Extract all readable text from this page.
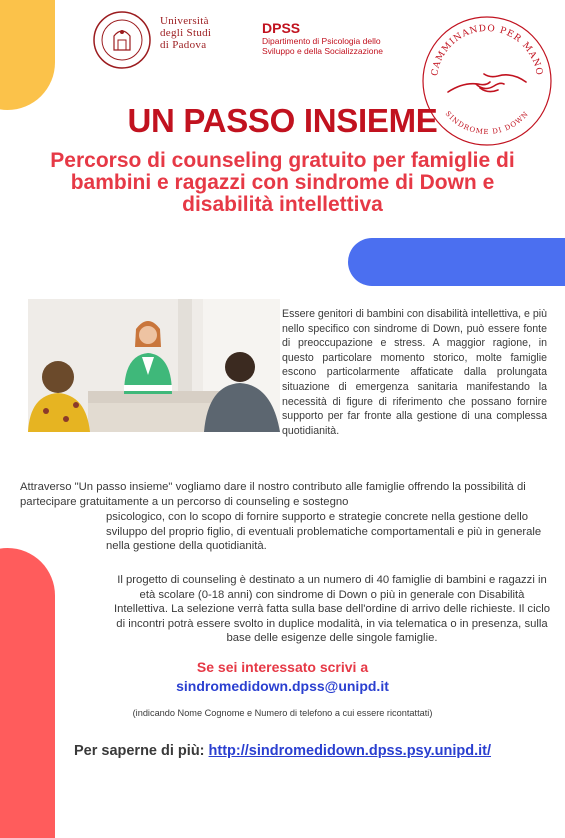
Università
degli Studi
di Padova
DPSS
Dipartimento di Psicologia dello
Sviluppo e della Socializzazione
CAMMINANDO PER MANO
SINDROME DI DOWN
UN PASSO INSIEME
Percorso di counseling gratuito per famiglie di bambini e ragazzi con sindrome di Down e disabilità intellettiva
Essere genitori di bambini con disabilità intellettiva, e più nello specifico con sindrome di Down, può essere fonte di preoccupazione e stress. A maggior ragione, in questo particolare momento storico, molte famiglie escono particolarmente affaticate dalla prolungata situazione di emergenza sanitaria manifestando la necessità di figure di riferimento che possano fornire supporto per far fronte alla gestione di una complessa quotidianità.
Attraverso "Un passo insieme" vogliamo dare il nostro contributo alle famiglie offrendo la possibilità di partecipare gratuitamente a un percorso di counseling e sostegno
psicologico, con lo scopo di fornire supporto e strategie concrete nella gestione dello sviluppo del proprio figlio, di eventuali problematiche comportamentali e più in generale nella gestione della quotidianità.
Il progetto di counseling è destinato a un numero di 40 famiglie di bambini e ragazzi in età scolare (0-18 anni) con sindrome di Down o più in generale con Disabilità Intellettiva. La selezione verrà fatta sulla base dell'ordine di arrivo delle richieste. Il ciclo di incontri potrà essere svolto in duplice modalità, in via telematica o in presenza, sulla base delle esigenze delle singole famiglie.
Se sei interessato scrivi a
sindromedidown.dpss@unipd.it
(indicando Nome Cognome e Numero di telefono a cui essere ricontattati)
Per saperne di più: http://sindromedidown.dpss.psy.unipd.it/
